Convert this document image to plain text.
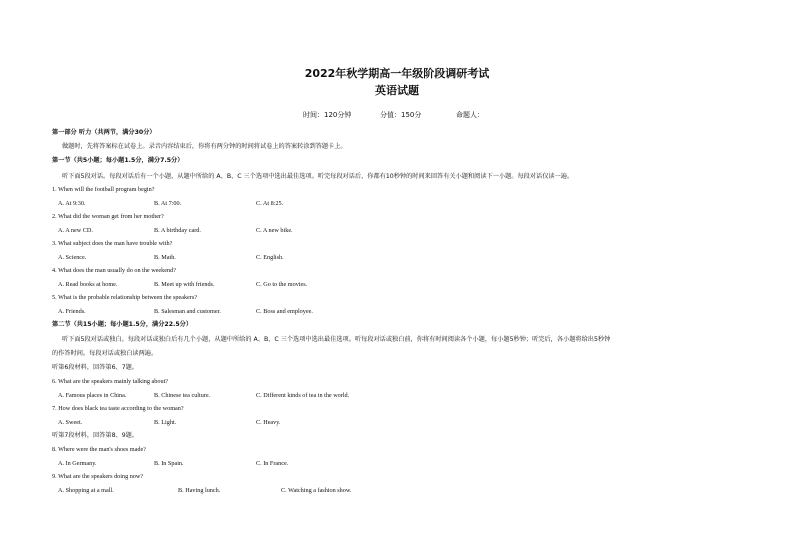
2022年秋学期高一年级阶段调研考试
英语试题
时间：120分钟	分值：150分	命题人：
第一部分 听力（共两节，满分30分）
做题时，先将答案标在试卷上。录音内容结束后，你将有两分钟的时间将试卷上的答案转涂到答题卡上。
第一节（共5小题；每小题1.5分，满分7.5分）
听下面5段对话。每段对话后有一个小题，从题中所给的 A、B、C 三个选项中选出最佳选项。听完每段对话后，你都有10秒钟的时间来回答有关小题和阅读下一小题。每段对话仅读一遍。
1. When will the football program begin?
A. At 9:30.	B. At 7:00.	C. At 8:25.
2. What did the woman get from her mother?
A. A new CD.	B. A birthday card.	C. A new bike.
3. What subject does the man have trouble with?
A. Science.	B. Math.	C. English.
4. What does the man usually do on the weekend?
A. Read books at home.	B. Meet up with friends.	C. Go to the movies.
5. What is the probable relationship between the speakers?
A. Friends.	B. Salesman and customer.	C. Boss and employee.
第二节（共15小题；每小题1.5分，满分22.5分）
听下面5段对话或独白。每段对话或独白后有几个小题，从题中所给的 A、B、C 三个选项中选出最佳选项。听每段对话或独白前，你将有时间阅读各个小题，每小题5秒钟；听完后，各小题将给出5秒钟
的作答时间。每段对话或独白读两遍。
听第6段材料，回答第6、7题。
6. What are the speakers mainly talking about?
A. Famous places in China.	B. Chinese tea culture.	C. Different kinds of tea in the world.
7. How does black tea taste according to the woman?
A. Sweet.	B. Light.	C. Heavy.
听第7段材料，回答第8、9题。
8. Where were the man's shoes made?
A. In Germany.	B. In Spain.	C. In France.
9. What are the speakers doing now?
A. Shopping at a mall.	B. Having lunch.	C. Watching a fashion show.
